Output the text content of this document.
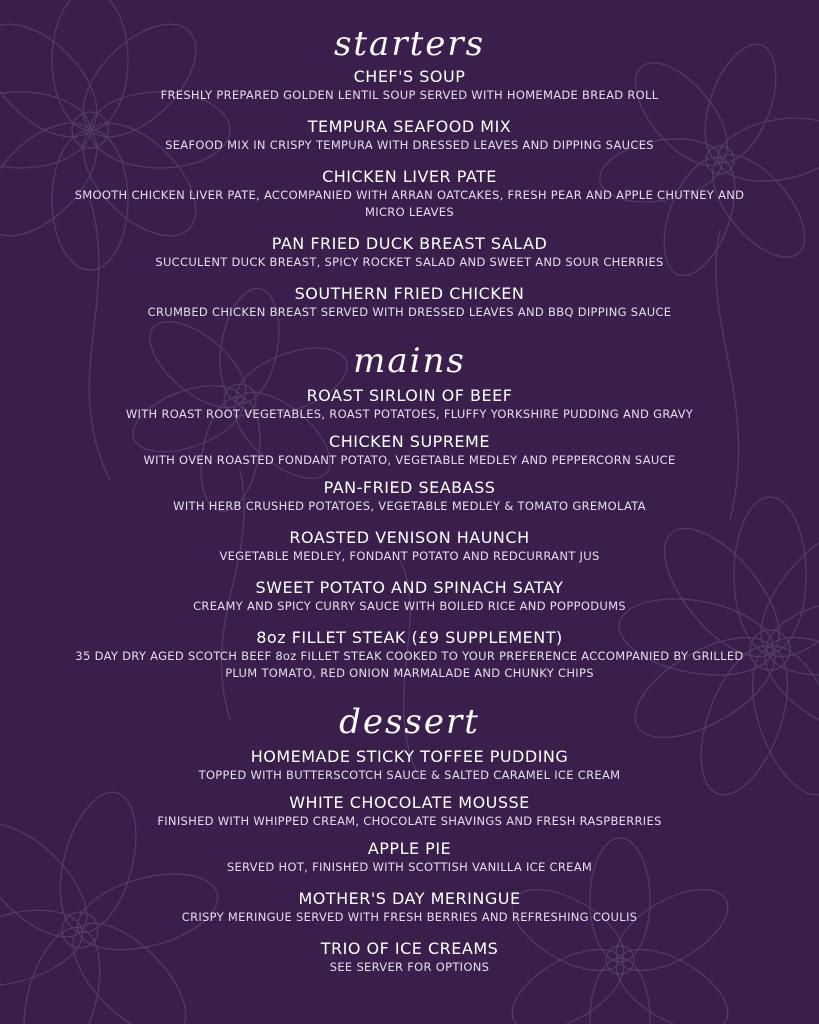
starters
CHEF'S SOUP
FRESHLY PREPARED GOLDEN LENTIL SOUP SERVED WITH HOMEMADE BREAD ROLL
TEMPURA SEAFOOD MIX
SEAFOOD MIX IN CRISPY TEMPURA WITH DRESSED LEAVES AND DIPPING SAUCES
CHICKEN LIVER PATE
SMOOTH CHICKEN LIVER PATE, ACCOMPANIED WITH ARRAN OATCAKES, FRESH PEAR AND APPLE CHUTNEY AND MICRO LEAVES
PAN FRIED DUCK BREAST SALAD
SUCCULENT DUCK BREAST, SPICY ROCKET SALAD AND SWEET AND SOUR CHERRIES
SOUTHERN FRIED CHICKEN
CRUMBED CHICKEN BREAST SERVED WITH DRESSED LEAVES AND BBQ DIPPING SAUCE
mains
ROAST SIRLOIN OF BEEF
WITH ROAST ROOT VEGETABLES, ROAST POTATOES, FLUFFY YORKSHIRE PUDDING AND GRAVY
CHICKEN SUPREME
WITH OVEN ROASTED FONDANT POTATO, VEGETABLE MEDLEY AND PEPPERCORN SAUCE
PAN-FRIED SEABASS
WITH HERB CRUSHED POTATOES, VEGETABLE MEDLEY & TOMATO GREMOLATA
ROASTED VENISON HAUNCH
VEGETABLE MEDLEY, FONDANT POTATO AND REDCURRANT JUS
SWEET POTATO AND SPINACH SATAY
CREAMY AND SPICY CURRY SAUCE WITH BOILED RICE AND POPPODUMS
8oz FILLET STEAK (£9 SUPPLEMENT)
35 DAY DRY AGED SCOTCH BEEF 8oz FILLET STEAK COOKED TO YOUR PREFERENCE ACCOMPANIED BY GRILLED PLUM TOMATO, RED ONION MARMALADE AND CHUNKY CHIPS
dessert
HOMEMADE STICKY TOFFEE PUDDING
TOPPED WITH BUTTERSCOTCH SAUCE & SALTED CARAMEL ICE CREAM
WHITE CHOCOLATE MOUSSE
FINISHED WITH WHIPPED CREAM, CHOCOLATE SHAVINGS AND FRESH RASPBERRIES
APPLE PIE
SERVED HOT, FINISHED WITH SCOTTISH VANILLA ICE CREAM
MOTHER'S DAY MERINGUE
CRISPY MERINGUE SERVED WITH FRESH BERRIES AND REFRESHING COULIS
TRIO OF ICE CREAMS
SEE SERVER FOR OPTIONS
